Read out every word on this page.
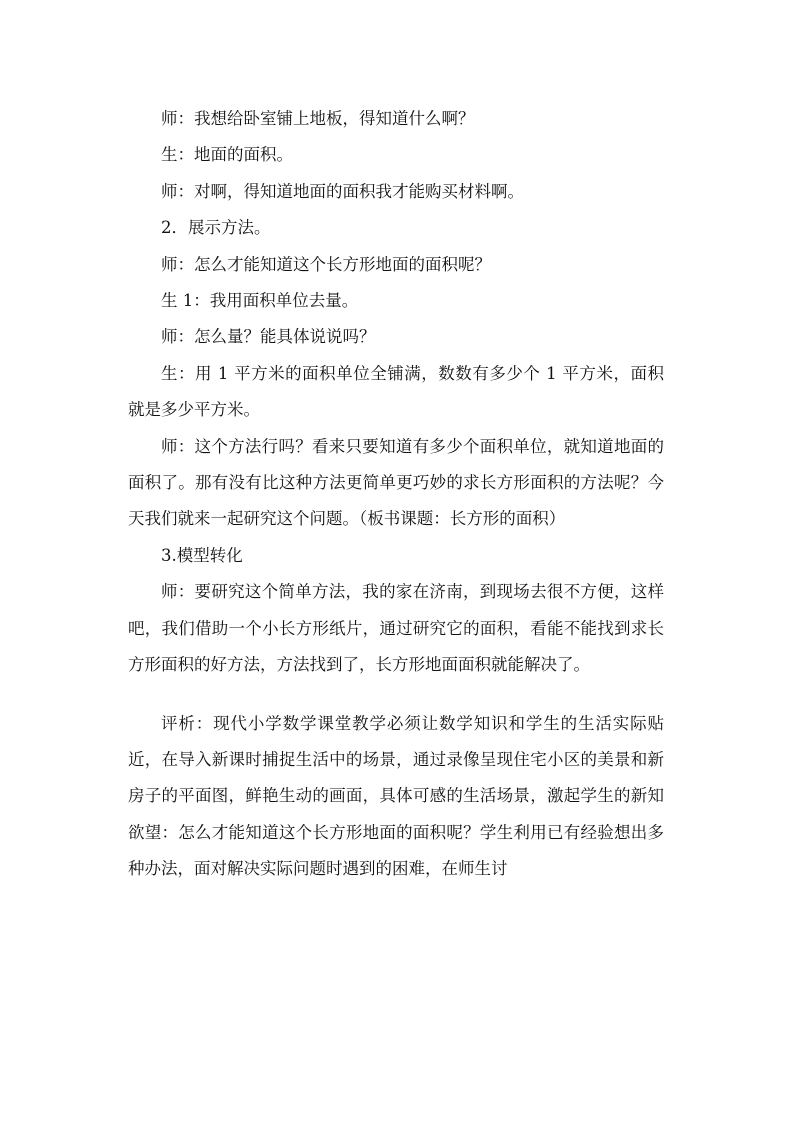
师：我想给卧室铺上地板，得知道什么啊？

生：地面的面积。

师：对啊，得知道地面的面积我才能购买材料啊。

2．展示方法。

师：怎么才能知道这个长方形地面的面积呢？

生 1：我用面积单位去量。

师：怎么量？能具体说说吗？

生：用 1 平方米的面积单位全铺满，数数有多少个 1 平方米，面积就是多少平方米。

师：这个方法行吗？看来只要知道有多少个面积单位，就知道地面的面积了。那有没有比这种方法更简单更巧妙的求长方形面积的方法呢？今天我们就来一起研究这个问题。（板书课题：长方形的面积）

3.模型转化

师：要研究这个简单方法，我的家在济南，到现场去很不方便，这样吧，我们借助一个小长方形纸片，通过研究它的面积，看能不能找到求长方形面积的好方法，方法找到了，长方形地面面积就能解决了。

评析：现代小学数学课堂教学必须让数学知识和学生的生活实际贴近，在导入新课时捕捉生活中的场景，通过录像呈现住宅小区的美景和新房子的平面图，鲜艳生动的画面，具体可感的生活场景，激起学生的新知欲望：怎么才能知道这个长方形地面的面积呢？学生利用已有经验想出多种办法，面对解决实际问题时遇到的困难，在师生讨
